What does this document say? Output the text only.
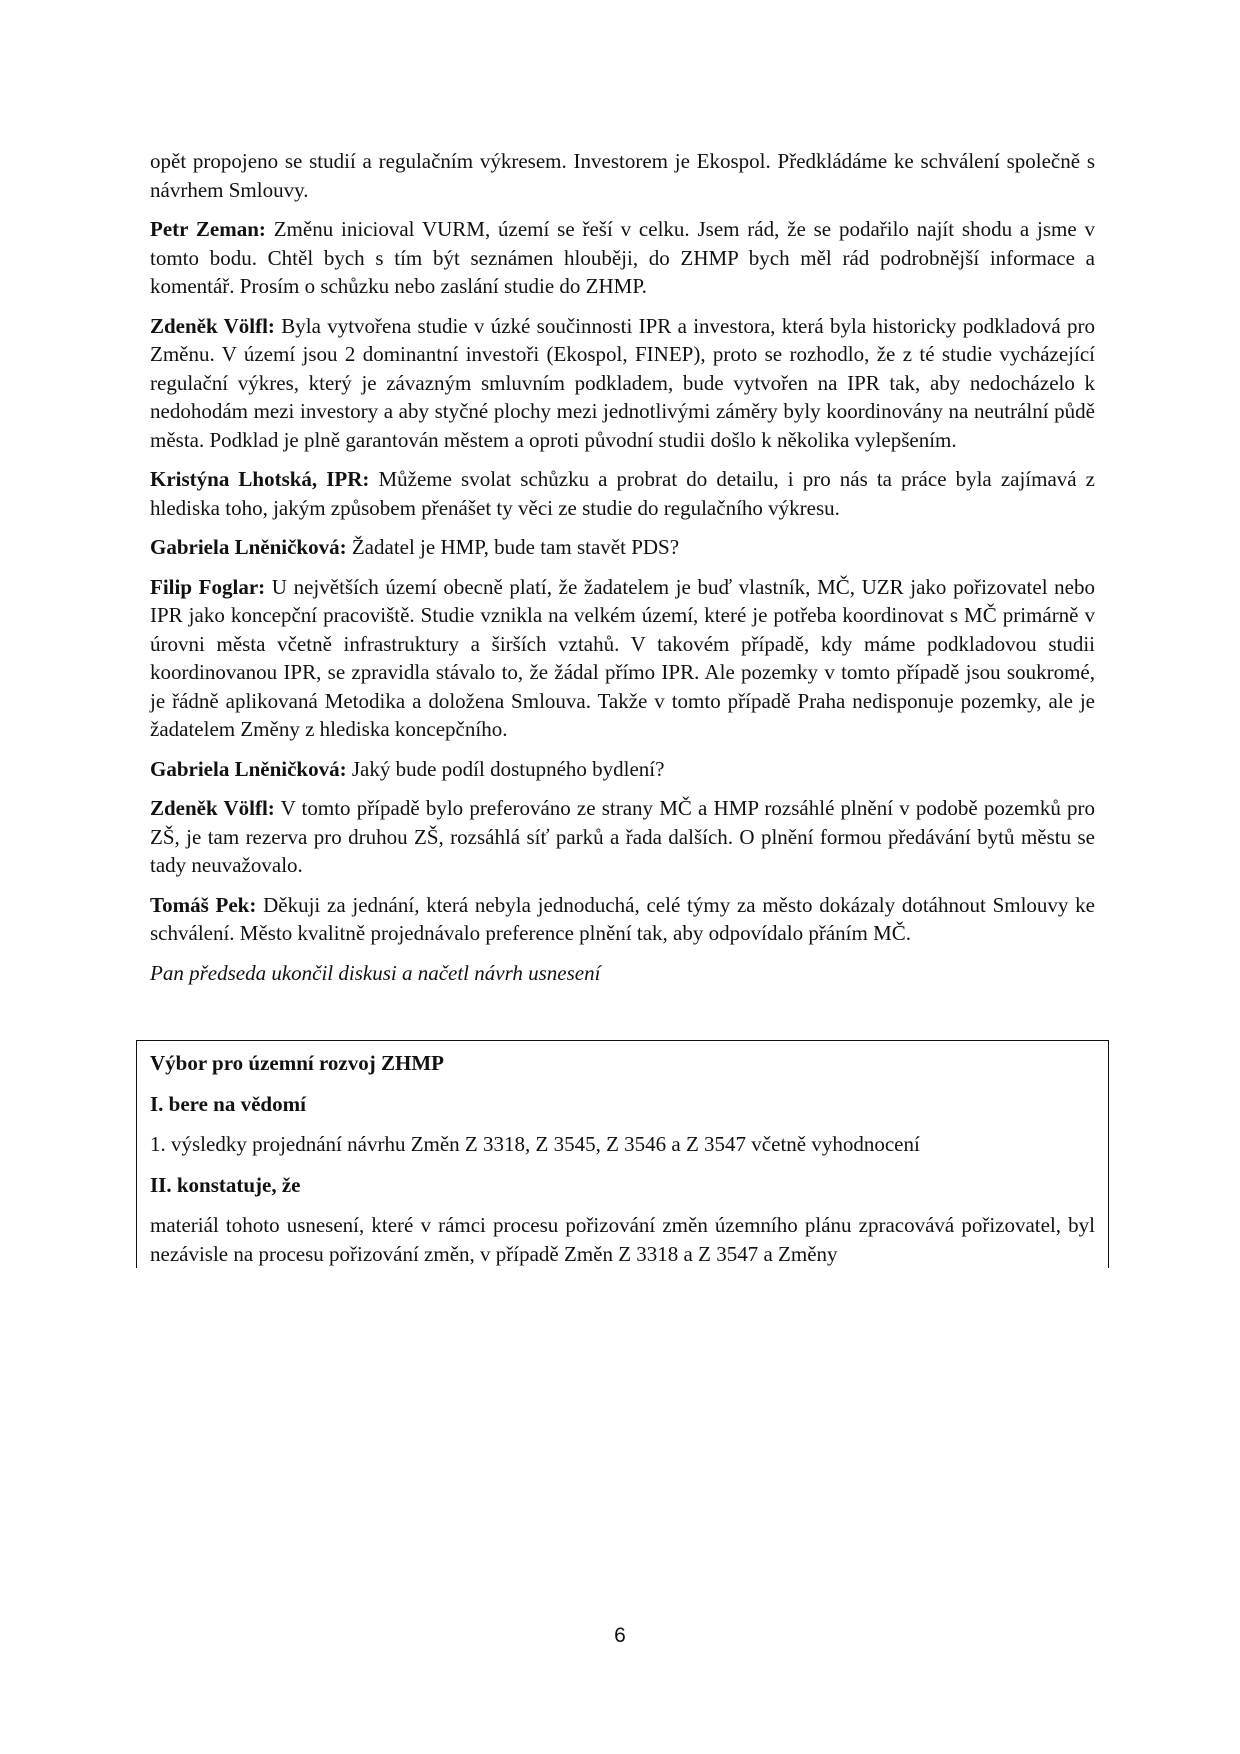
opět propojeno se studií a regulačním výkresem. Investorem je Ekospol. Předkládáme ke schválení společně s návrhem Smlouvy.

Petr Zeman: Změnu inicioval VURM, území se řeší v celku. Jsem rád, že se podařilo najít shodu a jsme v tomto bodu. Chtěl bych s tím být seznámen hlouběji, do ZHMP bych měl rád podrobnější informace a komentář. Prosím o schůzku nebo zaslání studie do ZHMP.

Zdeněk Völfl: Byla vytvořena studie v úzké součinnosti IPR a investora, která byla historicky podkladová pro Změnu. V území jsou 2 dominantní investoři (Ekospol, FINEP), proto se rozhodlo, že z té studie vycházející regulační výkres, který je závazným smluvním podkladem, bude vytvořen na IPR tak, aby nedocházelo k nedohodám mezi investory a aby styčné plochy mezi jednotlivými záměry byly koordinovány na neutrální půdě města. Podklad je plně garantován městem a oproti původní studii došlo k několika vylepšením.

Kristýna Lhotská, IPR: Můžeme svolat schůzku a probrat do detailu, i pro nás ta práce byla zajímavá z hlediska toho, jakým způsobem přenášet ty věci ze studie do regulačního výkresu.

Gabriela Lněničková: Žadatel je HMP, bude tam stavět PDS?

Filip Foglar: U největších území obecně platí, že žadatelem je buď vlastník, MČ, UZR jako pořizovatel nebo IPR jako koncepční pracoviště. Studie vznikla na velkém území, které je potřeba koordinovat s MČ primárně v úrovni města včetně infrastruktury a širších vztahů. V takovém případě, kdy máme podkladovou studii koordinovanou IPR, se zpravidla stávalo to, že žádal přímo IPR. Ale pozemky v tomto případě jsou soukromé, je řádně aplikovaná Metodika a doložena Smlouva. Takže v tomto případě Praha nedisponuje pozemky, ale je žadatelem Změny z hlediska koncepčního.

Gabriela Lněničková: Jaký bude podíl dostupného bydlení?

Zdeněk Völfl: V tomto případě bylo preferováno ze strany MČ a HMP rozsáhlé plnění v podobě pozemků pro ZŠ, je tam rezerva pro druhou ZŠ, rozsáhlá síť parků a řada dalších. O plnění formou předávání bytů městu se tady neuvažovalo.

Tomáš Pek: Děkuji za jednání, která nebyla jednoduchá, celé týmy za město dokázaly dotáhnout Smlouvy ke schválení. Město kvalitně projednávalo preference plnění tak, aby odpovídalo přáním MČ.

Pan předseda ukončil diskusi a načetl návrh usnesení

Výbor pro územní rozvoj ZHMP

I. bere na vědomí

1. výsledky projednání návrhu Změn Z 3318, Z 3545, Z 3546 a Z 3547 včetně vyhodnocení

II. konstatuje, že

materiál tohoto usnesení, které v rámci procesu pořizování změn územního plánu zpracovává pořizovatel, byl nezávisle na procesu pořizování změn, v případě Změn Z 3318 a Z 3547 a Změny

6
